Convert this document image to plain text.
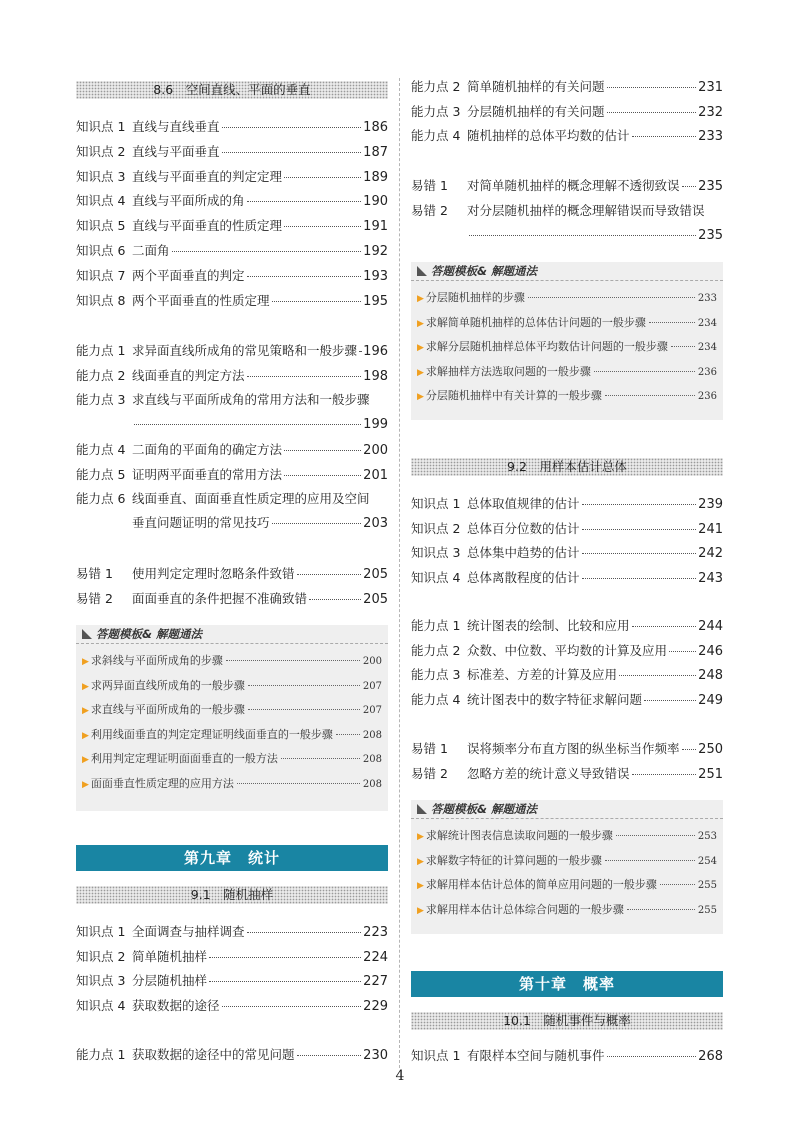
8.6　空间直线、平面的垂直
知识点 1 直线与直线垂直	186
知识点 2 直线与平面垂直	187
知识点 3 直线与平面垂直的判定定理	189
知识点 4 直线与平面所成的角	190
知识点 5 直线与平面垂直的性质定理	191
知识点 6 二面角	192
知识点 7 两个平面垂直的判定	193
知识点 8 两个平面垂直的性质定理	195
能力点 1 求异面直线所成角的常见策略和一般步骤 196
能力点 2 线面垂直的判定方法	198
能力点 3 求直线与平面所成角的常用方法和一般步骤
199
能力点 4 二面角的平面角的确定方法	200
能力点 5 证明两平面垂直的常用方法	201
能力点 6 线面垂直、面面垂直性质定理的应用及空间
垂直问题证明的常见技巧	203
易错 1	使用判定定理时忽略条件致错	205
易错 2	面面垂直的条件把握不准确致错	205
答题模板& 解题通法
▶ 求斜线与平面所成角的步骤	200
▶ 求两异面直线所成角的一般步骤	207
▶ 求直线与平面所成角的一般步骤	207
▶ 利用线面垂直的判定定理证明线面垂直的一般步骤	208
▶ 利用判定定理证明面面垂直的一般方法	208
▶ 面面垂直性质定理的应用方法	208
第九章　统计
9.1　随机抽样
知识点 1 全面调查与抽样调查	223
知识点 2 简单随机抽样	224
知识点 3 分层随机抽样	227
知识点 4 获取数据的途径	229
能力点 1 获取数据的途径中的常见问题	230
能力点 2 简单随机抽样的有关问题	231
能力点 3 分层随机抽样的有关问题	232
能力点 4 随机抽样的总体平均数的估计	233
易错 1	对简单随机抽样的概念理解不透彻致误 235
易错 2 对分层随机抽样的概念理解错误而导致错误
235
答题模板& 解题通法
▶ 分层随机抽样的步骤	233
▶ 求解简单随机抽样的总体估计问题的一般步骤	234
▶ 求解分层随机抽样总体平均数估计问题的一般步骤	234
▶ 求解抽样方法选取问题的一般步骤	236
▶ 分层随机抽样中有关计算的一般步骤	236
9.2　用样本估计总体
知识点 1 总体取值规律的估计	239
知识点 2 总体百分位数的估计	241
知识点 3 总体集中趋势的估计	242
知识点 4 总体离散程度的估计	243
能力点 1 统计图表的绘制、比较和应用	244
能力点 2 众数、中位数、平均数的计算及应用 246
能力点 3 标准差、方差的计算及应用	248
能力点 4 统计图表中的数字特征求解问题	249
易错 1	误将频率分布直方图的纵坐标当作频率 250
易错 2	忽略方差的统计意义导致错误	251
答题模板& 解题通法
▶ 求解统计图表信息读取问题的一般步骤	253
▶ 求解数字特征的计算问题的一般步骤	254
▶ 求解用样本估计总体的简单应用问题的一般步骤	255
▶ 求解用样本估计总体综合问题的一般步骤	255
第十章　概率
10.1　随机事件与概率
知识点 1 有限样本空间与随机事件	268
4
